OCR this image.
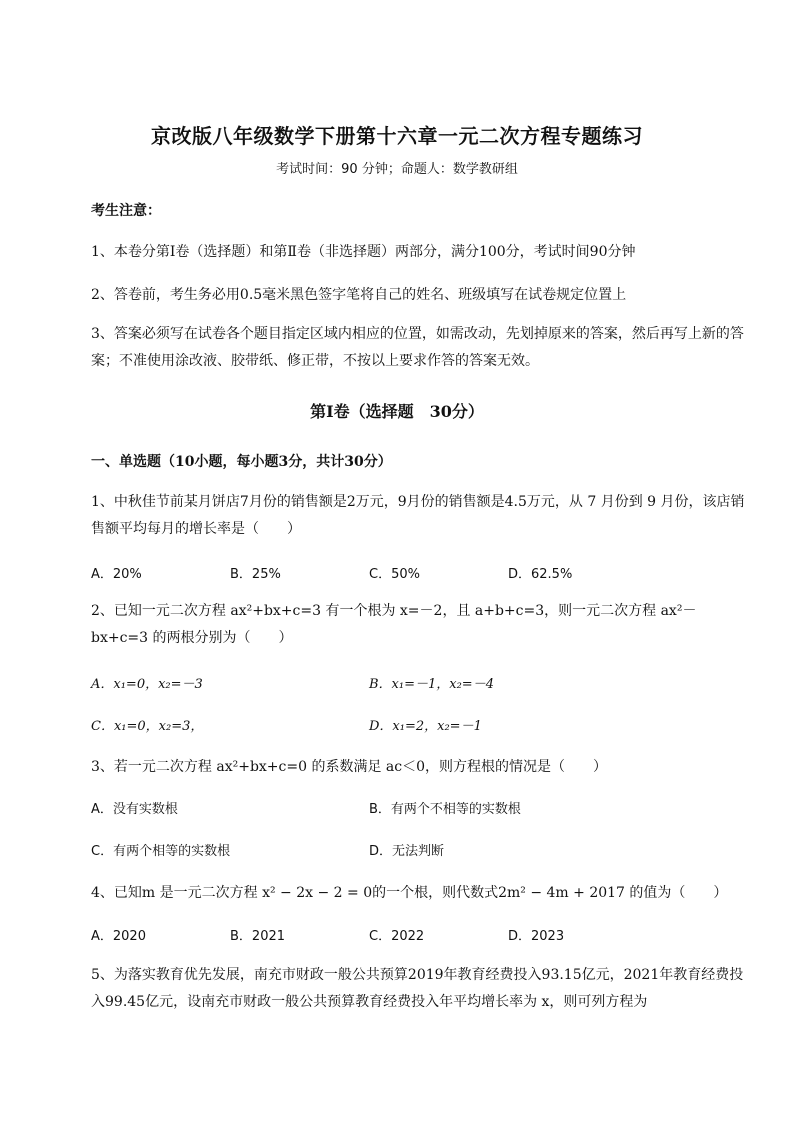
京改版八年级数学下册第十六章一元二次方程专题练习
考试时间：90 分钟；命题人：数学教研组
考生注意：
1、本卷分第Ⅰ卷（选择题）和第Ⅱ卷（非选择题）两部分，满分100分，考试时间90分钟
2、答卷前，考生务必用0.5毫米黑色签字笔将自己的姓名、班级填写在试卷规定位置上
3、答案必须写在试卷各个题目指定区域内相应的位置，如需改动，先划掉原来的答案，然后再写上新的答案；不准使用涂改液、胶带纸、修正带，不按以上要求作答的答案无效。
第Ⅰ卷（选择题　30分）
一、单选题（10小题，每小题3分，共计30分）
1、中秋佳节前某月饼店7月份的销售额是2万元，9月份的销售额是4.5万元，从 7 月份到 9 月份，该店销售额平均每月的增长率是（　　）
A．20%	B．25%	C．50%	D．62.5%
2、已知一元二次方程 ax²+bx+c=3 有一个根为 x=－2，且 a+b+c=3，则一元二次方程 ax²－bx+c=3 的两根分别为（　　）
A．x₁=0，x₂=－3	B．x₁=－1，x₂=－4
C．x₁=0，x₂=3，	D．x₁=2，x₂=－1
3、若一元二次方程 ax²+bx+c=0 的系数满足 ac＜0，则方程根的情况是（　　）
A．没有实数根	B．有两个不相等的实数根
C．有两个相等的实数根	D．无法判断
4、已知m 是一元二次方程 x² − 2x − 2 = 0的一个根，则代数式2m² − 4m + 2017 的值为（　　）
A．2020	B．2021	C．2022	D．2023
5、为落实教育优先发展，南充市财政一般公共预算2019年教育经费投入93.15亿元，2021年教育经费投入99.45亿元，设南充市财政一般公共预算教育经费投入年平均增长率为 x，则可列方程为
